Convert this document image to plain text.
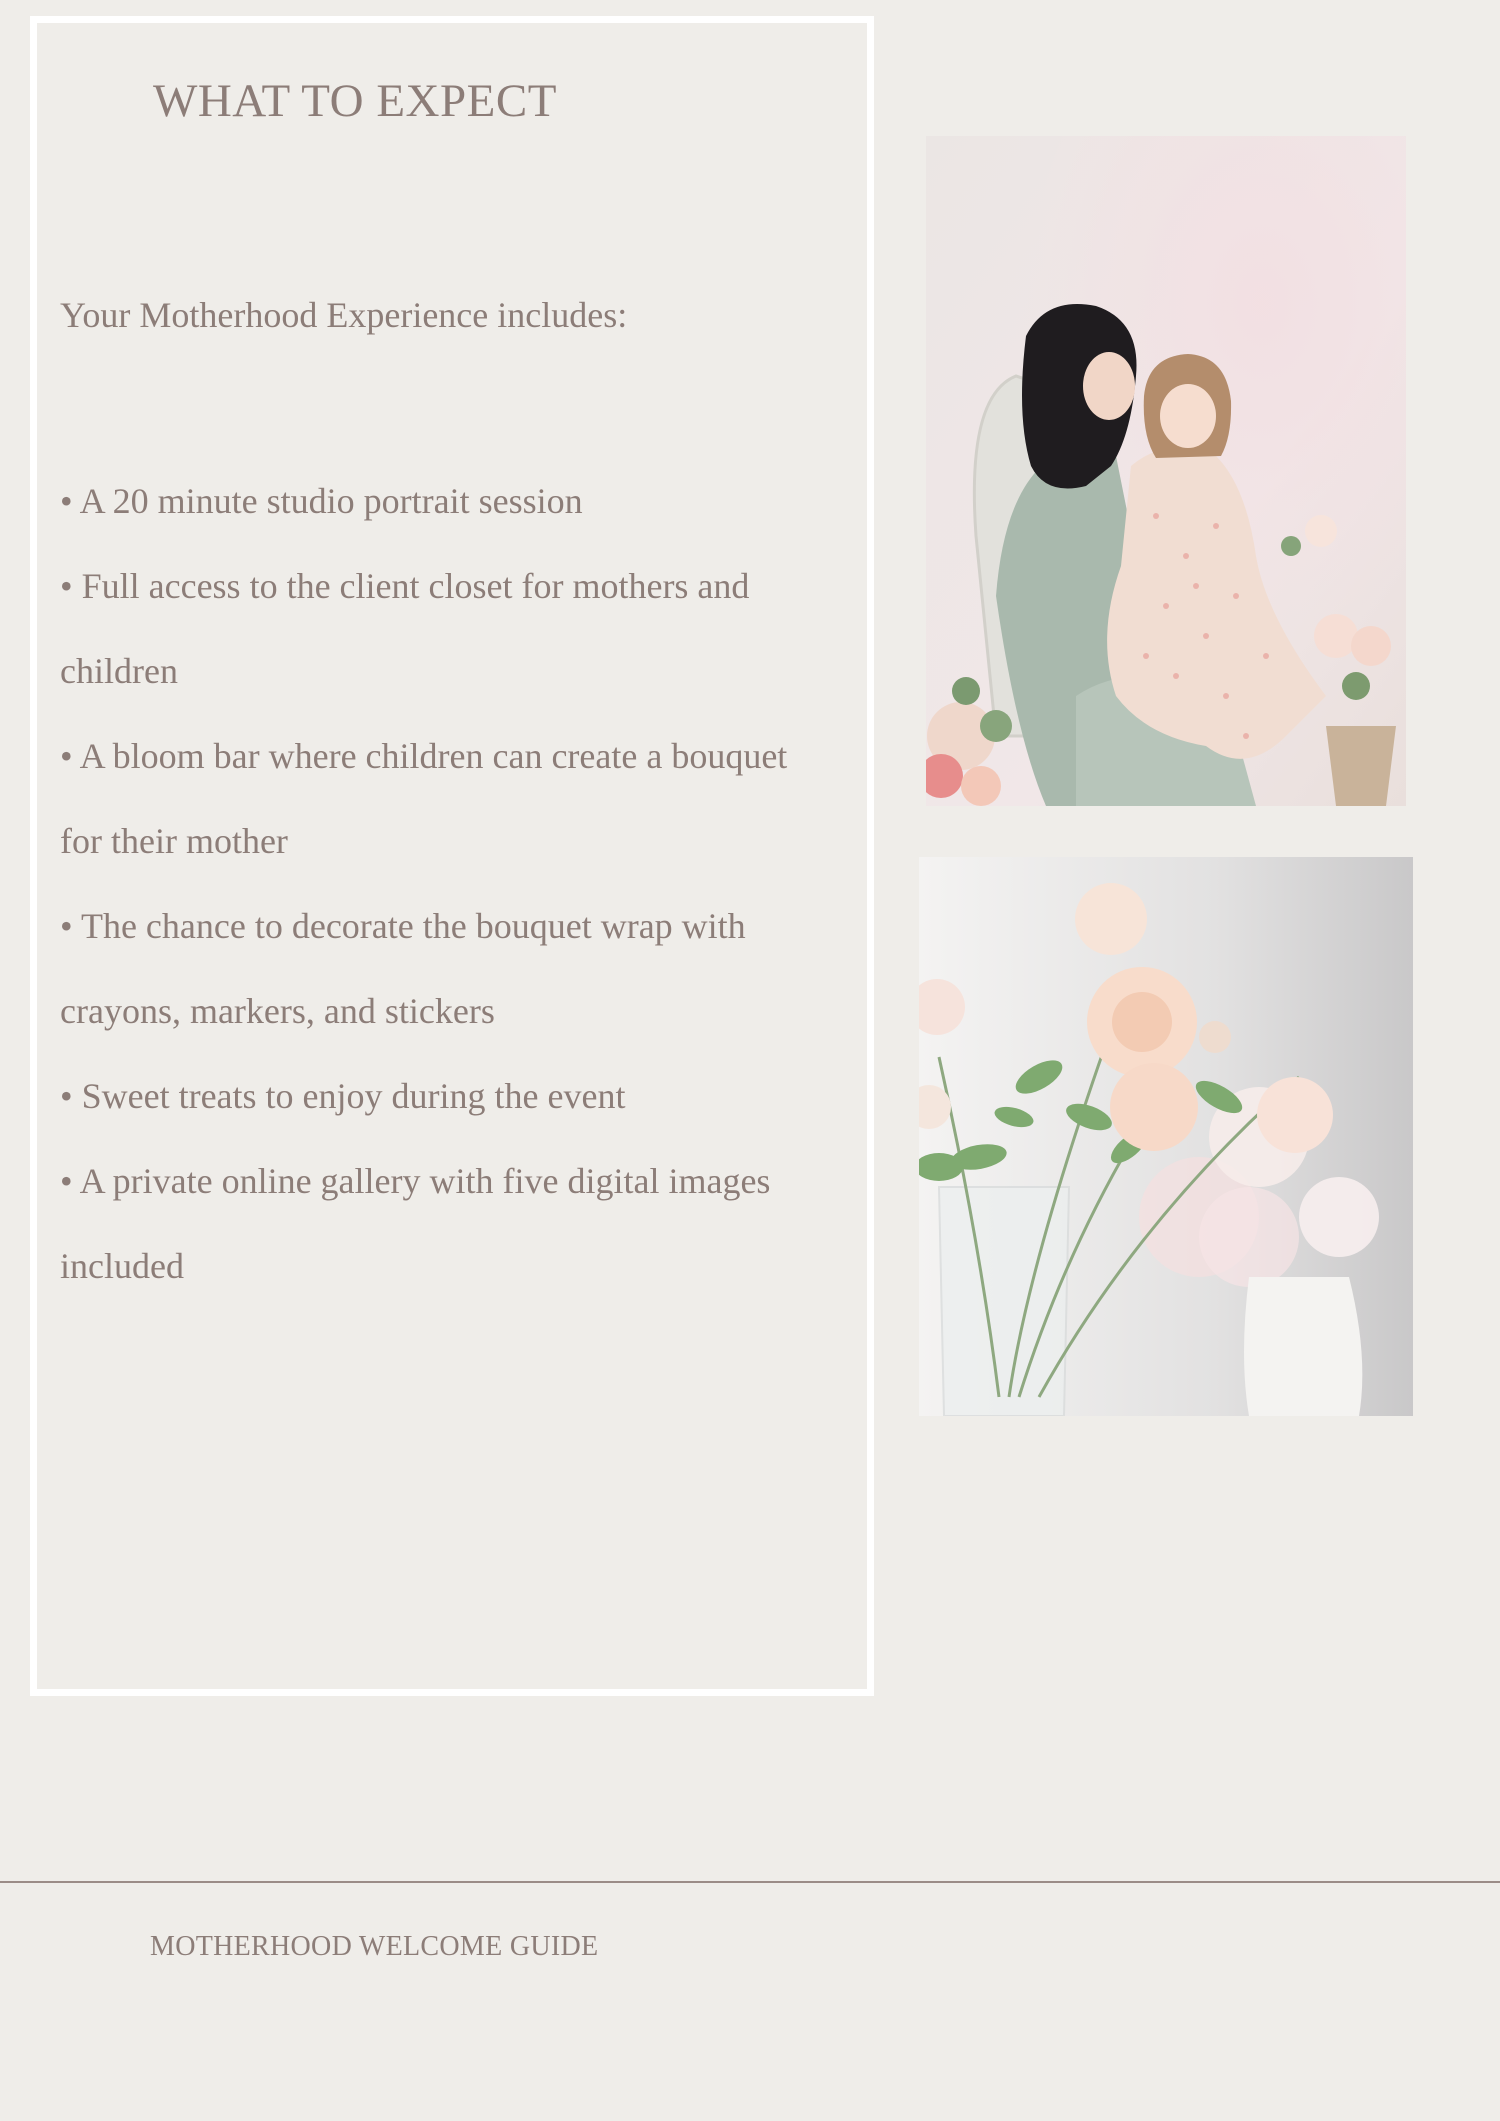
WHAT TO EXPECT

Your Motherhood Experience includes:

• A 20 minute studio portrait session
• Full access to the client closet for mothers and children
• A bloom bar where children can create a bouquet for their mother
• The chance to decorate the bouquet wrap with crayons, markers, and stickers
• Sweet treats to enjoy during the event
• A private online gallery with five digital images included

MOTHERHOOD WELCOME GUIDE
